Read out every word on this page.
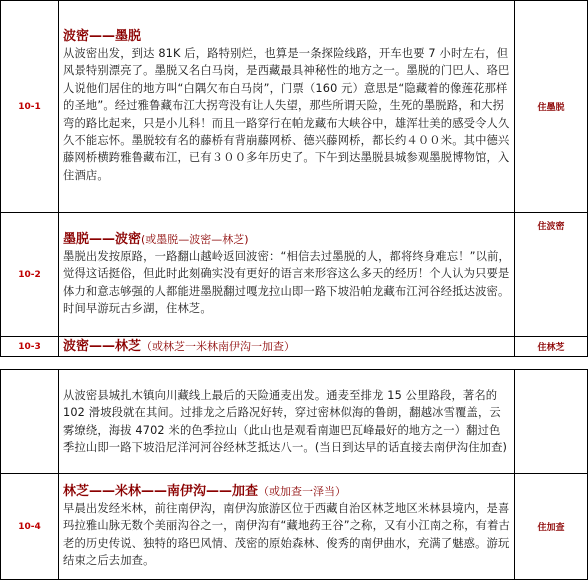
10-1	波密——墨脱
从波密出发，到达 81K 后，路特别烂，也算是一条探险线路，开车也要 7 小时左右，但风景特别漂亮了。墨脱又名白马岗，是西藏最具神秘性的地方之一。墨脱的门巴人、珞巴人说他们居住的地方叫“白隅欠布白马岗”，门票（160 元）意思是“隐藏着的像莲花那样的圣地”。经过雅鲁藏布江大拐弯没有让人失望，那些所谓天险，生死的墨脱路，和大拐弯的路比起来，只是小儿科！而且一路穿行在帕龙藏布大峡谷中，雄浑壮美的感受令人久久不能忘怀。墨脱较有名的藤桥有背崩藤网桥、德兴藤网桥，都长约４００米。其中德兴藤网桥横跨雅鲁藏布江，已有３００多年历史了。下午到达墨脱县城参观墨脱博物馆，入住酒店。	住墨脱
10-2	墨脱——波密(或墨脱—波密—林芝)
墨脱出发按原路，一路翻山越岭返回波密：“相信去过墨脱的人，都将终身难忘！”以前，觉得这话挺俗，但此时此刻确实没有更好的语言来形容这么多天的经历！个人认为只要是体力和意志够强的人都能进墨脱翻过嘎龙拉山即一路下坡沿帕龙藏布江河谷经抵达波密。时间早游玩古乡湖，住林芝。	住波密
10-3	波密——林芝（或林芝一米林南伊沟一加查）	住林芝

	从波密县城扎木镇向川藏线上最后的天险通麦出发。通麦至排龙 15 公里路段，著名的 102 滑坡段就在其间。过排龙之后路况好转，穿过密林似海的鲁朗，翻越冰雪覆盖，云雾缭绕，海拔 4702 米的色季拉山（此山也是观看南迦巴瓦峰最好的地方之一）翻过色季拉山即一路下坡沿尼洋河河谷经林芝抵达八一。(当日到达早的话直接去南伊沟住加查)	

10-4	林芝——米林——南伊沟——加查（或加查一泽当）
早晨出发经米林，前往南伊沟，南伊沟旅游区位于西藏自治区林芝地区米林县境内，是喜玛拉雅山脉无数个美丽沟谷之一，南伊沟有“藏地药王谷”之称，又有小江南之称，有着古老的历史传说、独特的珞巴风情、茂密的原始森林、俊秀的南伊曲水，充满了魅惑。游玩结束之后去加查。	住加查
